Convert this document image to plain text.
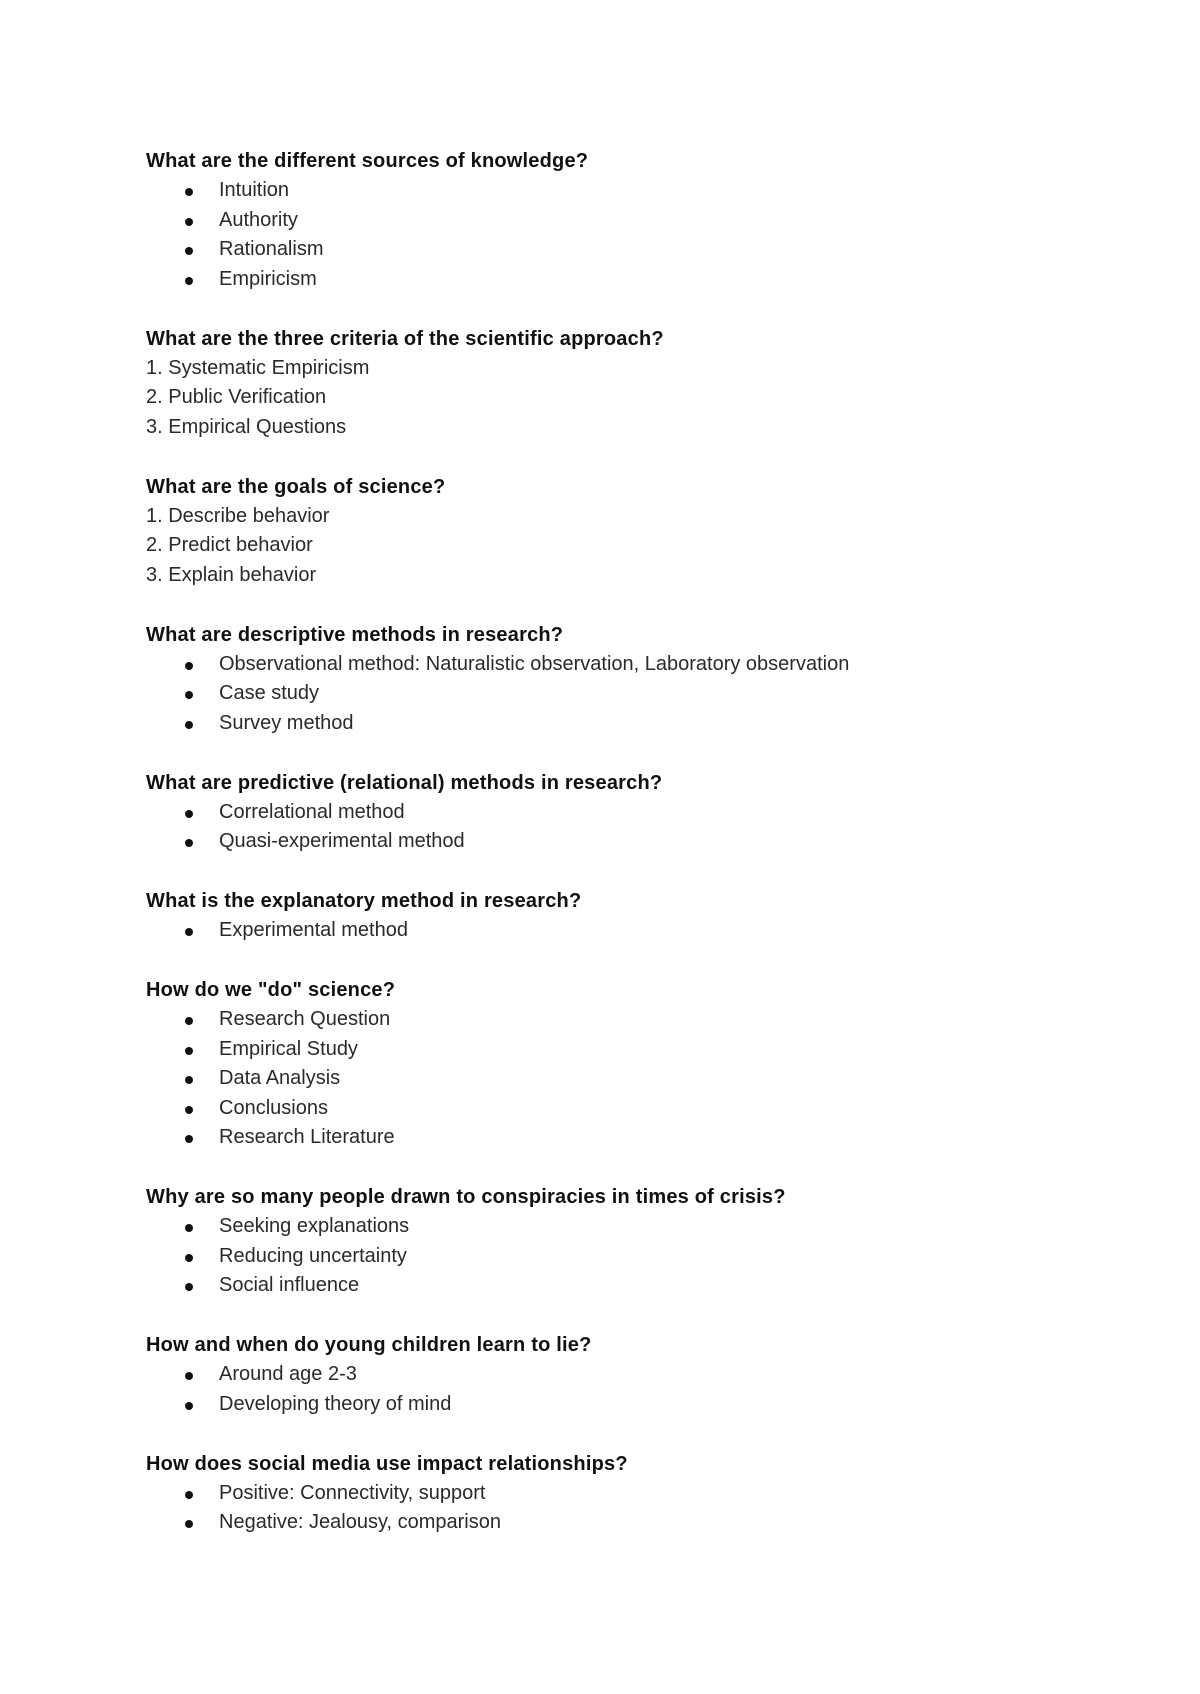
What are the different sources of knowledge?
Intuition
Authority
Rationalism
Empiricism
What are the three criteria of the scientific approach?
1. Systematic Empiricism
2. Public Verification
3. Empirical Questions
What are the goals of science?
1. Describe behavior
2. Predict behavior
3. Explain behavior
What are descriptive methods in research?
Observational method: Naturalistic observation, Laboratory observation
Case study
Survey method
What are predictive (relational) methods in research?
Correlational method
Quasi-experimental method
What is the explanatory method in research?
Experimental method
How do we "do" science?
Research Question
Empirical Study
Data Analysis
Conclusions
Research Literature
Why are so many people drawn to conspiracies in times of crisis?
Seeking explanations
Reducing uncertainty
Social influence
How and when do young children learn to lie?
Around age 2-3
Developing theory of mind
How does social media use impact relationships?
Positive: Connectivity, support
Negative: Jealousy, comparison
